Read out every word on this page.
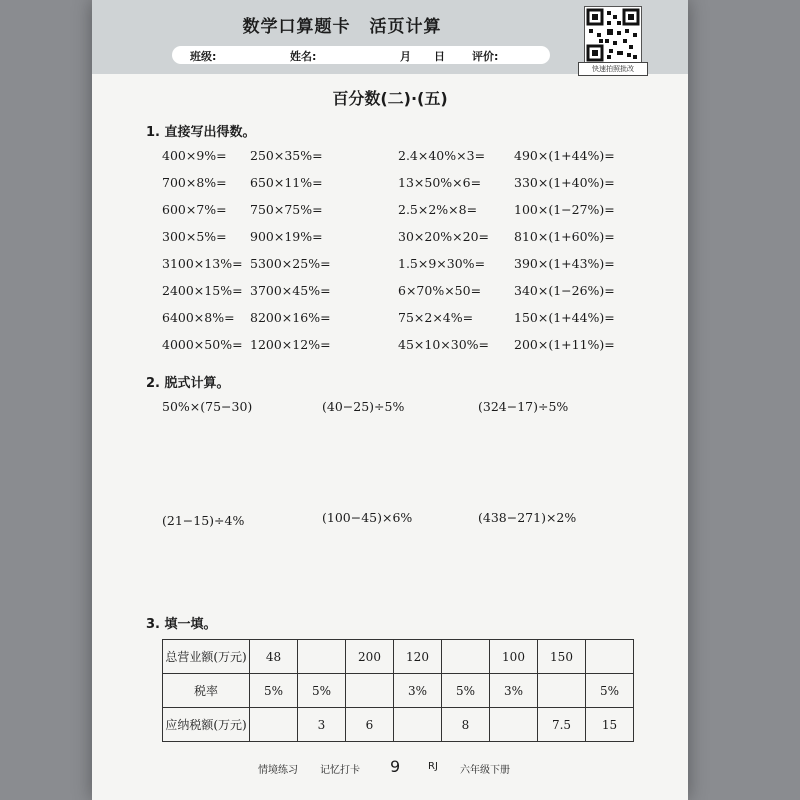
数学口算题卡 活页计算
班级:	姓名:	月 日 评价:
快速拍照批改
百分数(二)·(五)
1. 直接写出得数。
400×9%= 250×35%=	2.4×40%×3= 490×(1+44%)=
700×8%= 650×11%=	13×50%×6=	330×(1+40%)=
600×7%= 750×75%=	2.5×2%×8=	100×(1−27%)=
300×5%= 900×19%=	30×20%×20= 810×(1+60%)=
3100×13%= 5300×25%=	1.5×9×30%= 390×(1+43%)=
2400×15%= 3700×45%=	6×70%×50=	340×(1−26%)=
6400×8%= 8200×16%=	75×2×4%=	150×(1+44%)=
4000×50%= 1200×12%=	45×10×30%= 200×(1+11%)=
2. 脱式计算。
50%×(75−30)	(40−25)÷5%	(324−17)÷5%
(21−15)÷4%	(100−45)×6%	(438−271)×2%
3. 填一填。
总营业额(万元)	48		200	120		100	150	
税率	5%	5%		3%	5%	3%		5%
应纳税额(万元)		3	6		8		7.5	15
情境练习 记忆打卡 9	RJ 六年级下册
